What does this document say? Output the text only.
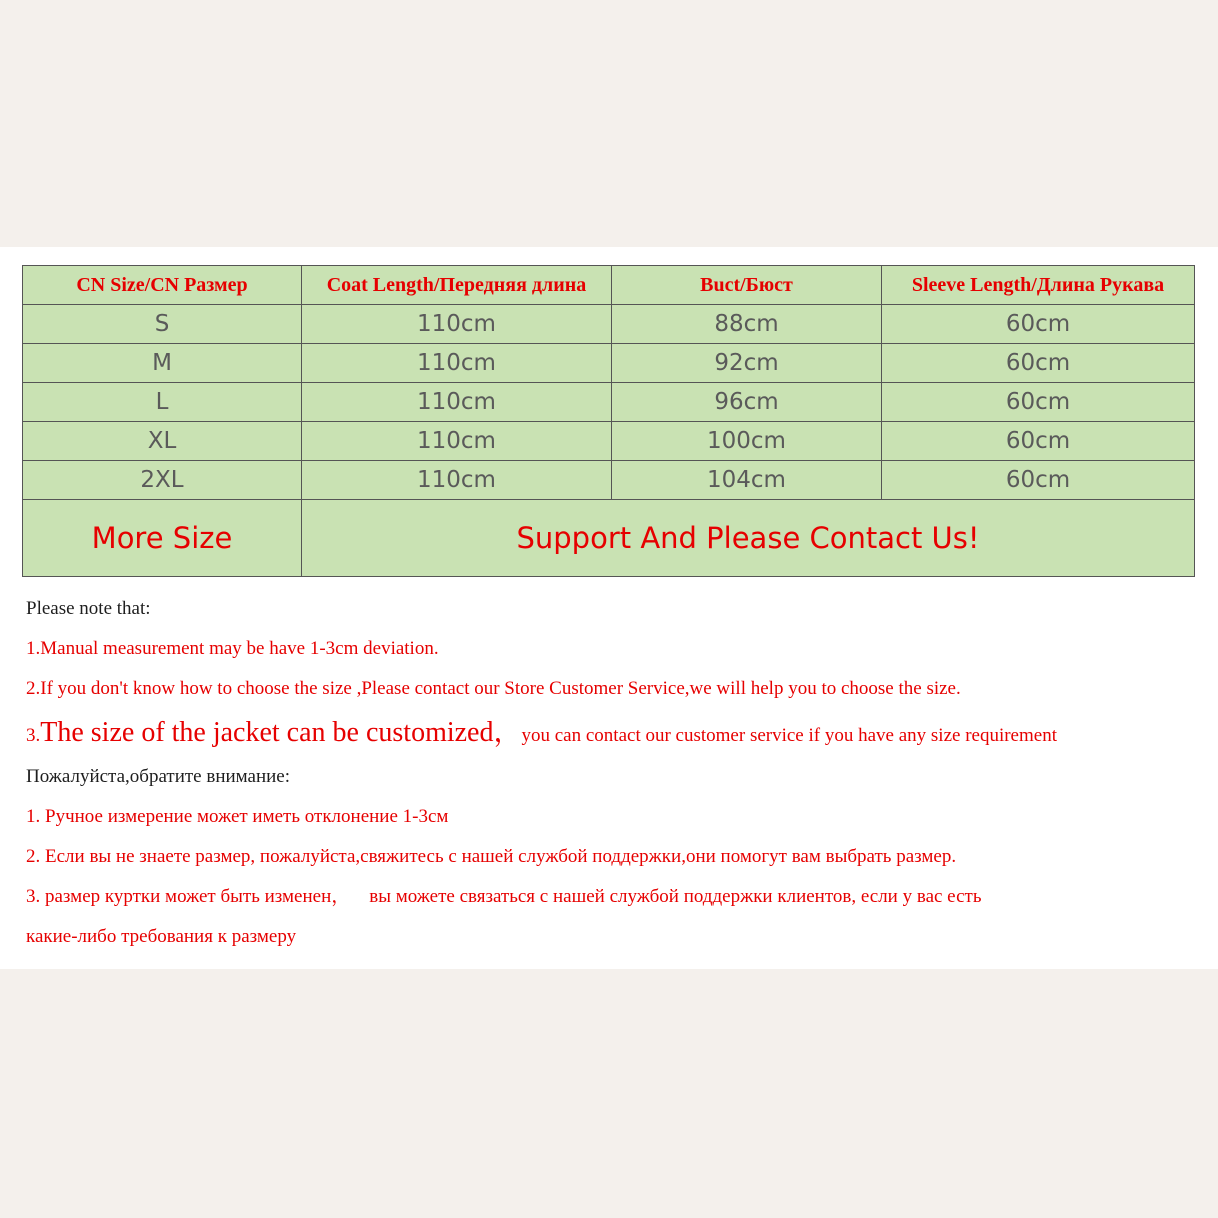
CN Size/CN Размер	Coat Length/Передняя длина	Buct/Бюст	Sleeve Length/Длина Рукава
S	110cm	88cm	60cm
M	110cm	92cm	60cm
L	110cm	96cm	60cm
XL	110cm	100cm	60cm
2XL	110cm	104cm	60cm
More Size	Support And Please Contact Us!		
Please note that:
1.Manual measurement may be have 1-3cm deviation.
2.If you don't know how to choose the size ,Please contact our Store Customer Service,we will help you to choose the size.
3.The size of the jacket can be customized，you can contact our customer service if you have any size requirement
Пожалуйста,обратите внимание:
1. Ручное измерение может иметь отклонение 1-3см
2. Если вы не знаете размер, пожалуйста,свяжитесь с нашей службой поддержки,они помогут вам выбрать размер.
3. размер куртки может быть изменен，    вы можете связаться с нашей службой поддержки клиентов, если у вас есть
какие-либо требования к размеру
